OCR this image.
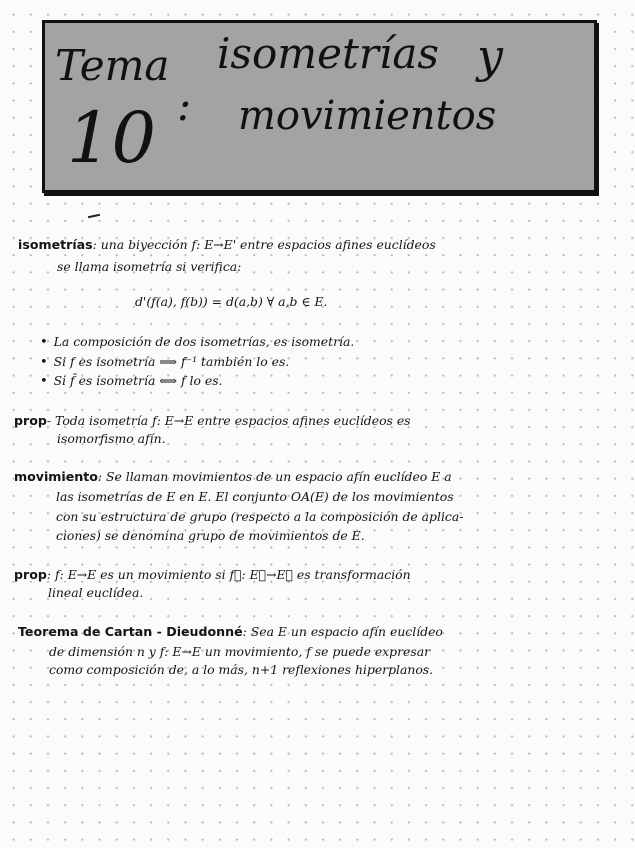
Tema
10 :
isometrías y
movimientos
isometrías: una biyección f: E→E' entre espacios afines euclídeos
se llama isometría si verifica:
d'(f(a), f(b)) = d(a,b) ∀ a,b ∈ E.
• La composición de dos isometrías, es isometría.
• Si f es isometría ⟹ f⁻¹ también lo es.
• Si f̄ es isometría ⟺ f lo es.
prop- Toda isometría f: E→E entre espacios afines euclídeos es
isomorfismo afín.
movimiento: Se llaman movimientos de un espacio afín euclídeo E a
las isometrías de E en E. El conjunto OA(E) de los movimientos
con su estructura de grupo (respecto a la composición de aplica-
ciones) se denomina grupo de movimientos de E.
prop: f: E→E es un movimiento si f⃗: E⃗→E⃗ es transformación
lineal euclídea.
Teorema de Cartan - Dieudonné: Sea E un espacio afín euclídeo
de dimensión n y f: E→E un movimiento, f se puede expresar
como composición de, a lo más, n+1 reflexiones hiperplanos.
